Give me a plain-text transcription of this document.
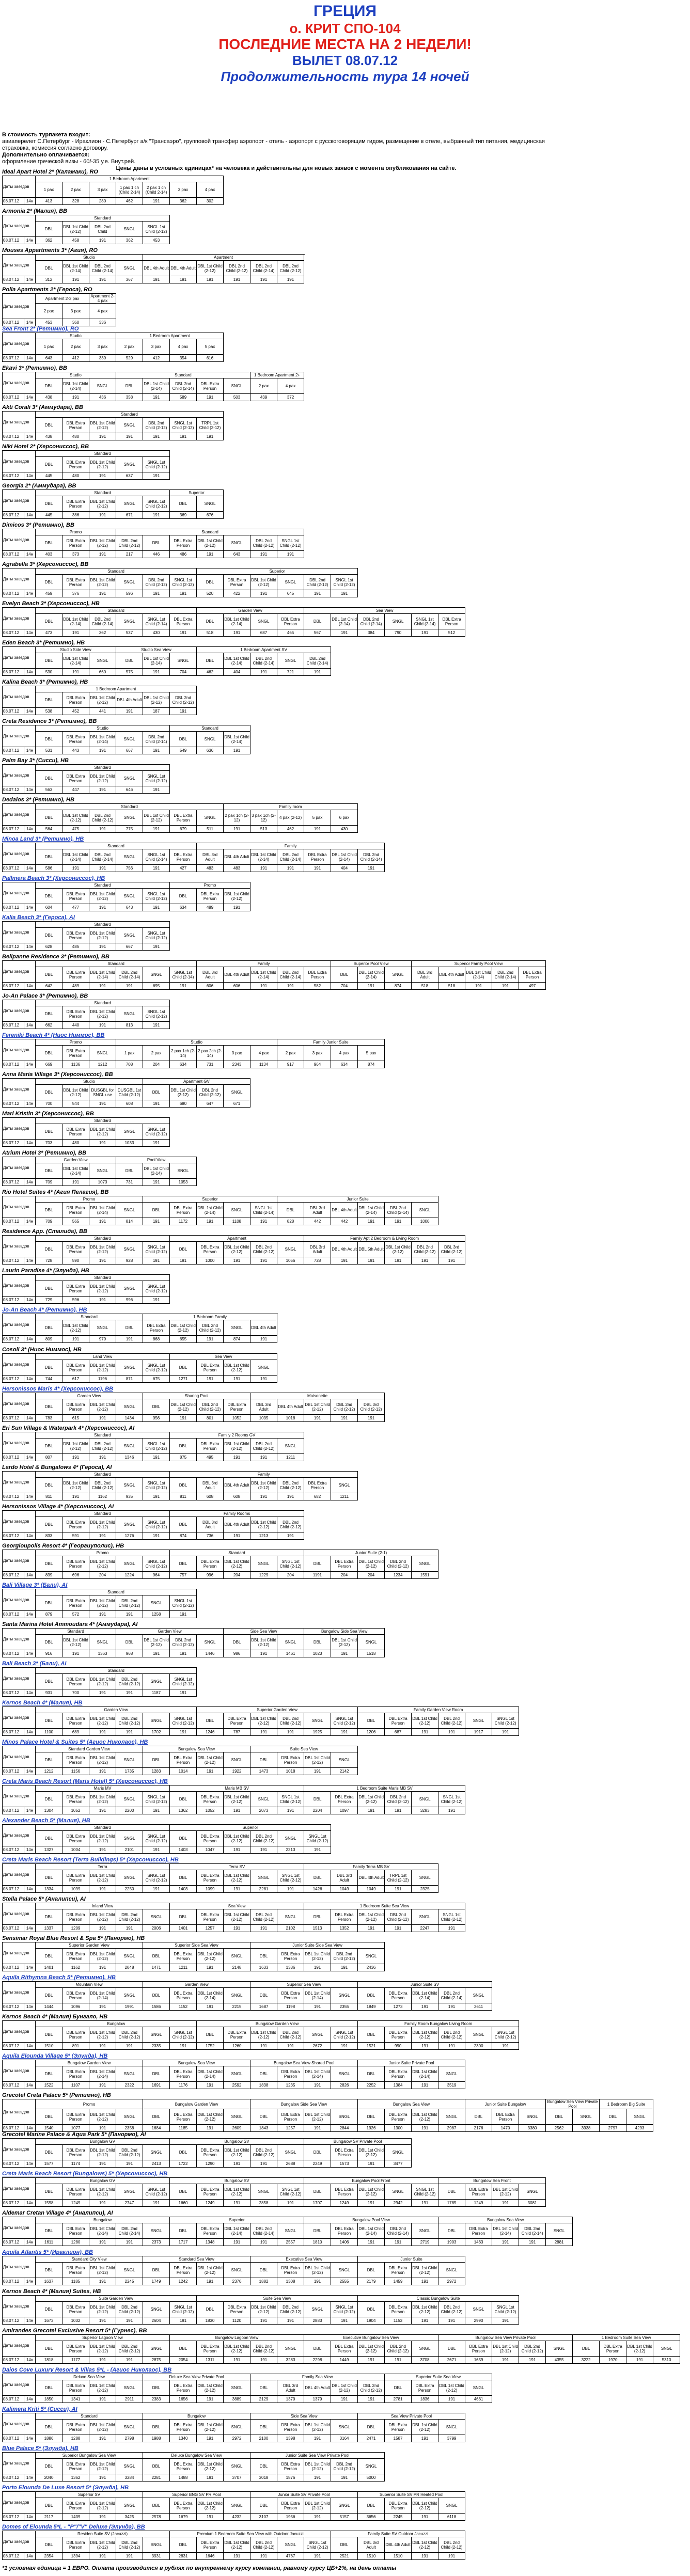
ГРЕЦИЯ
о. КРИТ СПО-104
ПОСЛЕДНИЕ МЕСТА НА 2 НЕДЕЛИ!
ВЫЛЕТ 08.07.12
Продолжительность тура 14 ночей
В стоимость турпакета входит:
авиаперелет С.Петербург - Ираклион - С.Петербург а/к "Трансаэро", групповой трансфер аэропорт - отель - аэропорт с русскоговорящим гидом, размещение в отеле, выбранный тип питания, медицинская страховка, комиссия согласно договору.
Дополнительно оплачивается:
оформление греческой визы - 60/-35 у.е. Внут.рей.
Цены даны в условных единицах* на человека и действительны для новых заявок с момента опубликования на сайте.
Ideal Apart Hotel 2* (Каламаки), RO
Даты заездов		1 Bedroom Apartment							
		1 pax	2 pax	3 pax	1 pax 1 ch (Child 2-14)	2 pax 1 ch (Child 2-14)	3 pax	4 pax	
08.07.12	14н	413	328	280	462	191	362	302	
Armonia 2* (Малия), BB
Даты заездов		Standard					
		DBL	DBL 1st Child (2-12)	DBL 2nd Child	SNGL	SNGL 1st Child (2-12)	
08.07.12	14н	362	458	191	362	453	
Mouses Appartments 3* (Агия), RO
Даты заездов		Studio				Apartment					
		DBL	DBL 1st Child (2-14)	DBL 2nd Child (2-14)	SNGL	DBL 4th Adult	DBL 4th Adult	DBL 1st Child (2-12)	DBL 2nd Child (2-12)	DBL 2nd Child (2-14)	DBL 2nd Child (2-12)
08.07.12	14н	312	191	191	367	191	191	191	191	191	191
Polla Apartments 2* (Героса), RO
Даты заездов		Apartment 2-3 pax		Apartment 2-4 pax
		2 pax	3 pax	4 pax
08.07.12	14н	453	360	336
Sea Front 2* (Ретимно), RO
Даты заездов		Studio			1 Bedroom Apartment				
		1 pax	2 pax	3 pax	2 pax	3 pax	4 pax	5 pax	
08.07.12	14н	643	412	339	529	412	354	616	
Ekavi 3* (Ретимно), BB
Даты заездов		Studio			Standard					1 Bedroom Apartment 2+	
		DBL	DBL 1st Child (2-14)	SNGL	DBL	DBL 1st Child (2-14)	DBL 2nd Child (2-14)	DBL Extra Person	SNGL	2 pax	4 pax
08.07.12	14н	438	191	436	358	191	589	191	503	439	372
Akti Corali 3* (Аммудара), BB
Даты заездов		Standard						
		DBL	DBL Extra Person	DBL 1st Child (2-12)	SNGL	DBL 2nd Child (2-12)	SNGL 1st Child (2-12)	TRPL 1st Child (2-12)
08.07.12	14н	438	480	191	191	191	191	191
Niki Hotel 2* (Херсониссос), BB
Даты заездов		Standard				
		DBL	DBL Extra Person	DBL 1st Child (2-12)	SNGL	SNGL 1st Child (2-12)
08.07.12	14н	445	480	191	637	191
Georgia 2* (Аммудара), BB
Даты заездов		Standard					Superior	
		DBL	DBL Extra Person	DBL 1st Child (2-12)	SNGL	SNGL 1st Child (2-12)	DBL	SNGL
08.07.12	14н	445	386	191	671	191	369	676
Dimicos 3* (Ретимно), BB
Даты заездов		Promo			Standard						
		DBL	DBL Extra Person	DBL 1st Child (2-12)	DBL 2nd Child (2-12)	DBL	DBL Extra Person	DBL 1st Child (2-12)	SNGL	DBL 2nd Child (2-12)	SNGL 1st Child (2-12)
08.07.12	14н	403	373	191	217	446	486	191	643	191	191
Agrabella 3* (Херсониссос), BB
Даты заездов		Standard						Superior					
		DBL	DBL Extra Person	DBL 1st Child (2-12)	SNGL	DBL 2nd Child (2-12)	SNGL 1st Child (2-12)	DBL	DBL Extra Person	DBL 1st Child (2-12)	SNGL	DBL 2nd Child (2-12)	SNGL 1st Child (2-12)
08.07.12	14н	459	376	191	596	191	191	520	422	191	645	191	191
Evelyn Beach 3* (Херсониссос), HB
Даты заездов		Standard						Garden View				Sea View					
		DBL	DBL 1st Child (2-14)	DBL 2nd Child (2-14)	SNGL	SNGL 1st Child (2-14)	DBL Extra Person	DBL	DBL 1st Child (2-14)	SNGL	DBL Extra Person	DBL	DBL 1st Child (2-14)	DBL 2nd Child (2-14)	SNGL	SNGL 1st Child (2-14)	DBL Extra Person
08.07.12	14н	473	191	362	537	430	191	518	191	687	465	567	191	384	790	191	512
Eden Beach 3* (Ретимно), HB
Даты заездов		Studio Side View			Studio Sea View			1 Bedroom Apartment SV				
		DBL	DBL 1st Child (2-14)	SNGL	DBL	DBL 1st Child (2-14)	SNGL	DBL	DBL 1st Child (2-14)	DBL 2nd Child (2-14)	SNGL	DBL 2nd Child (2-14)
08.07.12	14н	530	191	660	575	191	704	462	404	191	721	191
Kalina Beach 3* (Ретимно), HB
Даты заездов		1 Bedroom Apartment					
		DBL	DBL Extra Person	DBL 1st Child (2-12)	DBL 4th Adult	DBL 1st Child (2-12)	DBL 2nd Child (2-12)
08.07.12	14н	538	452	441	191	187	191
Creta Residence 3* (Ретимно), BB
Даты заездов		Studio					Standard		
		DBL	DBL Extra Person	DBL 1st Child (2-14)	SNGL	DBL 2nd Child (2-14)	DBL	SNGL	DBL 1st Child (2-14)
08.07.12	14н	531	443	191	667	191	549	636	191
Palm Bay 3* (Сисси), HB
Даты заездов		Standard				
		DBL	DBL Extra Person	DBL 1st Child (2-12)	SNGL	SNGL 1st Child (2-12)
08.07.12	14н	563	447	191	646	191
Dedalos 3* (Ретимно), HB
Даты заездов		Standard							Family room				
		DBL	DBL 1st Child (2-12)	DBL 2nd Child (2-12)	SNGL	DBL 1st Child (2-12)	DBL Extra Person	SNGL	2 pax 1ch (2-12)	3 pax 1ch (2-12)	4 pax (2-12)	5 pax	6 pax
08.07.12	14н	564	475	191	775	191	679	511	191	513	462	191	430
Minoa Land 3* (Ретимно), HB
Даты заездов		Standard						Family						
		DBL	DBL 1st Child (2-14)	DBL 2nd Child (2-14)	SNGL	SNGL 1st Child (2-14)	DBL Extra Person	DBL 3rd Adult	DBL 4th Adult	DBL 1st Child (2-14)	DBL 2nd Child (2-14)	DBL Extra Person	DBL 1st Child (2-14)	DBL 2nd Child (2-14)
08.07.12	14н	586	191	191	756	191	427	483	483	191	191	191	404	191
Pallmera Beach 3* (Херсониссос), HB
Даты заездов		Standard					Promo		
		DBL	DBL Extra Person	DBL 1st Child (2-12)	SNGL	SNGL 1st Child (2-12)	DBL	DBL Extra Person	DBL 1st Child (2-12)
08.07.12	14н	604	477	191	643	191	634	489	191
Kalia Beach 3* (Героса), AI
Даты заездов		Standard				
		DBL	DBL Extra Person	DBL 1st Child (2-12)	SNGL	SNGL 1st Child (2-12)
08.07.12	14н	628	485	191	667	191
Bellpanne Residence 3* (Ретимно), BB
Даты заездов		Standard						Family					Superior Pool View			Superior Family Pool View				
		DBL	DBL Extra Person	DBL 1st Child (2-14)	DBL 2nd Child (2-14)	SNGL	SNGL 1st Child (2-14)	DBL 3rd Adult	DBL 4th Adult	DBL 1st Child (2-14)	DBL 2nd Child (2-14)	DBL Extra Person	DBL	DBL 1st Child (2-14)	SNGL	DBL 3rd Adult	DBL 4th Adult	DBL 1st Child (2-14)	DBL 2nd Child (2-14)	DBL Extra Person
08.07.12	14н	642	489	191	191	695	191	606	606	191	191	582	704	191	874	518	518	191	191	497
Jo-An Palace 3* (Ретимно), BB
Даты заездов		Standard				
		DBL	DBL Extra Person	DBL 1st Child (2-12)	SNGL	SNGL 1st Child (2-12)
08.07.12	14н	662	440	191	813	191
Fereniki Beach 4* (Ниос Ниммос), BB
Даты заездов		Promo			Studio						Family Junior Suite			
		DBL	DBL Extra Person	SNGL	1 pax	2 pax	2 pax 1ch (2-14)	2 pax 2ch (2-14)	3 pax	4 pax	2 pax	3 pax	4 pax	5 pax
08.07.12	14н	669	1136	1212	708	204	634	731	2343	1134	917	964	634	874
Anna Maria Village 3* (Херсониссос), BB
Даты заездов		Studio				Apartment GV			
		DBL	DBL 1st Child (2-12)	DUSGBL for SNGL use	DUSGBL 1st Child (2-12)	DBL	DBL 1st Child (2-12)	DBL 2nd Child (2-12)	SNGL
08.07.12	14н	700	544	191	608	191	680	647	671
Mari Kristin 3* (Херсониссос), BB
Даты заездов		Standard				
		DBL	DBL Extra Person	DBL 1st Child (2-12)	SNGL	SNGL 1st Child (2-12)
08.07.12	14н	703	480	191	1033	191
Atrium Hotel 3* (Ретимно), BB
Даты заездов		Garden View			Pool View		
		DBL	DBL 1st Child (2-14)	SNGL	DBL	DBL 1st Child (2-14)	SNGL
08.07.12	14н	709	191	1073	731	191	1053
Rio Hotel Suites 4* (Агия Пелагия), BB
Даты заездов		Promo				Superior					Junior Suite					
		DBL	DBL Extra Person	DBL 1st Child (2-14)	SNGL	DBL	DBL Extra Person	DBL 1st Child (2-14)	SNGL	SNGL 1st Child (2-14)	DBL	DBL 3rd Adult	DBL 4th Adult	DBL 1st Child (2-14)	DBL 2nd Child (2-14)	SNGL
08.07.12	14н	709	565	191	814	191	1172	191	1108	191	828	442	442	191	191	1000
Residence App. (Сталида), BB
Даты заездов		Standard					Apartment					Family Apt 2 Bedroom & Living Room					
		DBL	DBL Extra Person	DBL 1st Child (2-12)	SNGL	SNGL 1st Child (2-12)	DBL	DBL Extra Person	DBL 1st Child (2-12)	DBL 2nd Child (2-12)	SNGL	DBL 3rd Adult	DBL 4th Adult	DBL 5th Adult	DBL 1st Child (2-12)	DBL 2nd Child (2-12)	DBL 3rd Child (2-12)
08.07.12	14н	728	590	191	928	191	191	1000	191	191	1056	728	191	191	191	191	191
Laurin Paradise 4* (Элунда), HB
Даты заездов		Standard				
		DBL	DBL Extra Person	DBL 1st Child (2-12)	SNGL	SNGL 1st Child (2-12)
08.07.12	14н	729	596	191	996	191
Jo-An Beach 4* (Ретимно), HB
Даты заездов		Standard				1 Bedroom Family				
		DBL	DBL 1st Child (2-12)	SNGL	DBL	DBL Extra Person	DBL 1st Child (2-12)	DBL 2nd Child (2-12)	SNGL	DBL 4th Adult
08.07.12	14н	809	191	979	191	868	655	191	874	191
Cosoli 3* (Ниос Ниммос), HB
Даты заездов		Land View					Sea View			
		DBL	DBL Extra Person	DBL 1st Child (2-12)	SNGL	SNGL 1st Child (2-12)	DBL	DBL Extra Person	DBL 1st Child (2-12)	SNGL
08.07.12	14н	744	617	1196	871	675	1271	191	191	191
Hersonissos Maris 4* (Херсониссос), BB
Даты заездов		Garden View				Sharing Pool				Maisonette				
		DBL	DBL Extra Person	DBL 1st Child (2-12)	SNGL	DBL	DBL 1st Child (2-12)	DBL 2nd Child (2-12)	DBL Extra Person	DBL 3rd Adult	DBL 4th Adult	DBL 1st Child (2-12)	DBL 2nd Child (2-12)	DBL 3rd Child (2-12)
08.07.12	14н	783	615	191	1434	956	191	801	1052	1035	1018	191	191	191
Eri Sun Village & Waterpark 4* (Херсониссос), AI
Даты заездов		Standard					Family 2 Rooms GV				
		DBL	DBL 1st Child (2-12)	DBL 2nd Child (2-12)	SNGL	SNGL 1st Child (2-12)	DBL	DBL Extra Person	DBL 1st Child (2-12)	DBL 2nd Child (2-12)	SNGL
08.07.12	14н	807	191	191	1346	191	875	495	191	191	1211
Lardo Hotel & Bungalows 4* (Героса), AI
Даты заездов		Standard					Family						
		DBL	DBL 1st Child (2-12)	DBL 2nd Child (2-12)	SNGL	SNGL 1st Child (2-12)	DBL	DBL 3rd Adult	DBL 4th Adult	DBL 1st Child (2-12)	DBL 2nd Child (2-12)	DBL Extra Person	SNGL
08.07.12	14н	811	191	1162	935	191	811	608	608	191	191	682	1211
Hersonissos Village 4* (Херсониссос), AI
Даты заездов		Standard					Family Rooms				
		DBL	DBL Extra Person	DBL 1st Child (2-12)	SNGL	SNGL 1st Child (2-12)	DBL	DBL 3rd Adult	DBL 4th Adult	DBL 1st Child (2-12)	DBL 2nd Child (2-12)
08.07.12	14н	833	591	191	1276	191	874	736	191	1213	191
Georgioupolis Resort 4* (Георгиуполис), HB
Даты заездов		Promo					Standard					Junior Suite (2-1)				
		DBL	DBL Extra Person	DBL 1st Child (2-12)	SNGL	SNGL 1st Child (2-12)	DBL	DBL Extra Person	DBL 1st Child (2-12)	SNGL	SNGL 1st Child (2-12)	DBL	DBL Extra Person	DBL 1st Child (2-12)	DBL 2nd Child (2-12)	SNGL
08.07.12	14н	839	696	204	1224	964	757	996	204	1229	204	1191	204	204	1234	1591
Bali Village 3* (Бали), AI
Даты заездов		Standard					
		DBL	DBL Extra Person	DBL 1st Child (2-12)	DBL 2nd Child (2-12)	SNGL	SNGL 1st Child (2-12)
08.07.12	14н	879	572	191	191	1258	191
Santa Marina Hotel Ammoudara 4* (Аммудара), AI
Даты заездов		Standard			Garden View				Side Sea View			Bungalow Side Sea View		
		DBL	DBL 1st Child (2-12)	SNGL	DBL	DBL 1st Child (2-12)	DBL 2nd Child (2-12)	SNGL	DBL	DBL 1st Child (2-12)	SNGL	DBL	DBL 1st Child (2-12)	SNGL
08.07.12	14н	916	191	1363	968	191	191	1446	986	191	1461	1023	191	1518
Bali Beach 3* (Бали), AI
Даты заездов		Standard					
		DBL	DBL Extra Person	DBL 1st Child (2-12)	DBL 2nd Child (2-12)	SNGL	SNGL 1st Child (2-12)
08.07.12	14н	931	700	191	191	1187	191
Kernos Beach 4* (Малия), HB
Даты заездов		Garden View						Superior Garden View						Family Garden View Room					
		DBL	DBL Extra Person	DBL 1st Child (2-12)	DBL 2nd Child (2-12)	SNGL	SNGL 1st Child (2-12)	DBL	DBL Extra Person	DBL 1st Child (2-12)	DBL 2nd Child (2-12)	SNGL	SNGL 1st Child (2-12)	DBL	DBL Extra Person	DBL 1st Child (2-12)	DBL 2nd Child (2-12)	SNGL	SNGL 1st Child (2-12)
08.07.12	14н	1100	689	191	191	1702	191	1246	787	191	191	1925	191	1206	687	191	191	1917	191
Minos Palace Hotel & Suites 5* (Агиос Николаос), HB
Даты заездов		Standard Garden View				Bungalow Sea View				Suite Sea View			
		DBL	DBL Extra Person	DBL 1st Child (2-12)	SNGL	DBL	DBL Extra Person	DBL 1st Child (2-12)	SNGL	DBL	DBL Extra Person	DBL 1st Child (2-12)	SNGL
08.07.12	14н	1212	1156	191	1735	1283	1014	191	1922	1473	1018	191	2142
Creta Maris Beach Resort (Maris Hotel) 5* (Херсониссос), HB
Даты заездов		Maris MV					Maris MB SV					1 Bedroom Suite Maris MB SV					
		DBL	DBL Extra Person	DBL 1st Child (2-12)	SNGL	SNGL 1st Child (2-12)	DBL	DBL Extra Person	DBL 1st Child (2-12)	SNGL	SNGL 1st Child (2-12)	DBL	DBL Extra Person	DBL 1st Child (2-12)	DBL 2nd Child (2-12)	SNGL	SNGL 1st Child (2-12)
08.07.12	14н	1304	1052	191	2200	191	1362	1052	191	2073	191	2204	1097	191	191	3283	191
Alexander Beach 5* (Малия), HB
Даты заездов		Standard					Superior					
		DBL	DBL Extra Person	DBL 1st Child (2-12)	SNGL	SNGL 1st Child (2-12)	DBL	DBL Extra Person	DBL 1st Child (2-12)	DBL 2nd Child (2-12)	SNGL	SNGL 1st Child (2-12)
08.07.12	14н	1327	1004	191	2101	191	1403	1047	191	191	2213	191
Creta Maris Beach Resort (Terra Buildings) 5* (Херсониссос), HB
Даты заездов		Terra					Terra SV					Family Terra MB SV				
		DBL	DBL Extra Person	DBL 1st Child (2-12)	SNGL	SNGL 1st Child (2-12)	DBL	DBL Extra Person	DBL 1st Child (2-12)	SNGL	SNGL 1st Child (2-12)	DBL	DBL 3rd Adult	DBL 4th Adult	TRPL 1st Child (2-12)	SNGL
08.07.12	14н	1334	1099	191	2250	191	1403	1099	191	2281	191	1426	1049	1049	191	2325
Stella Palace 5* (Аналипси), AI
Даты заездов		Inland View					Sea View					1 Bedroom Suite Sea View					
		DBL	DBL Extra Person	DBL 1st Child (2-12)	DBL 2nd Child (2-12)	SNGL	DBL	DBL Extra Person	DBL 1st Child (2-12)	DBL 2nd Child (2-12)	SNGL	DBL	DBL Extra Person	DBL 1st Child (2-12)	DBL 2nd Child (2-12)	SNGL	SNGL 1st Child (2-12)
08.07.12	14н	1337	1209	191	191	2006	1401	1257	191	191	2102	1513	1352	191	191	2247	191
Sensimar Royal Blue Resort & Spa 5* (Панормо), HB
Даты заездов		Superior Garden View				Superior Side Sea View				Junior Suite Side Sea View				
		DBL	DBL Extra Person	DBL 1st Child (2-12)	SNGL	DBL	DBL Extra Person	DBL 1st Child (2-12)	SNGL	DBL	DBL Extra Person	DBL 1st Child (2-12)	DBL 2nd Child (2-12)	SNGL
08.07.12	14н	1401	1162	191	2048	1471	1211	191	2148	1633	1336	191	191	2436
Aquila Rithymna Beach 5* (Ретимно), HB
Даты заездов		Mountain View				Garden View				Superior Sea View				Junior Suite SV				
		DBL	DBL Extra Person	DBL 1st Child (2-14)	SNGL	DBL	DBL Extra Person	DBL 1st Child (2-14)	SNGL	DBL	DBL Extra Person	DBL 1st Child (2-14)	SNGL	DBL	DBL Extra Person	DBL 1st Child (2-14)	DBL 2nd Child (2-14)	SNGL
08.07.12	14н	1444	1096	191	1991	1586	1152	191	2215	1687	1198	191	2355	1849	1273	191	191	2611
Kernos Beach 4* (Малия) Бунгало, HB
Даты заездов		Bungalow						Bungalow Garden View						Family Room Bungalow Living Room					
		DBL	DBL Extra Person	DBL 1st Child (2-12)	DBL 2nd Child (2-12)	SNGL	SNGL 1st Child (2-12)	DBL	DBL Extra Person	DBL 1st Child (2-12)	DBL 2nd Child (2-12)	SNGL	SNGL 1st Child (2-12)	DBL	DBL Extra Person	DBL 1st Child (2-12)	DBL 2nd Child (2-12)	SNGL	SNGL 1st Child (2-12)
08.07.12	14н	1510	891	191	191	2335	191	1752	1260	191	191	2672	191	1521	990	191	191	2300	191
Aquila Elounda Village 5* (Элунда), HB
Даты заездов		Bungalow Garden View				Bungalow Sea View				Bungalow Sea View Shared Pool				Junior Suite Private Pool			
		DBL	DBL Extra Person	DBL 1st Child (2-14)	SNGL	DBL	DBL Extra Person	DBL 1st Child (2-14)	SNGL	DBL	DBL Extra Person	DBL 1st Child (2-14)	SNGL	DBL	DBL Extra Person	DBL 1st Child (2-14)	SNGL
08.07.12	14н	1522	1107	191	2322	1691	1176	191	2592	1838	1235	191	2826	2252	1384	191	3519
Grecotel Creta Palace 5* (Ретимно), HB
Даты заездов		Promo				Bungalow Garden View				Bungalow Side Sea View				Bungalow Sea View				Junior Suite Bungalow			Bungalow Sea View Private Pool		1 Bedroom Big Suite	
		DBL	DBL Extra Person	DBL 1st Child (2-12)	SNGL	DBL	DBL Extra Person	DBL 1st Child (2-12)	SNGL	DBL	DBL Extra Person	DBL 1st Child (2-12)	SNGL	DBL	DBL Extra Person	DBL 1st Child (2-12)	SNGL	DBL	DBL Extra Person	SNGL	DBL	SNGL	DBL	SNGL
08.07.12	14н	1540	1077	191	2358	1684	1185	191	2609	1843	1257	191	2844	1926	1300	191	2987	2176	1470	3380	2562	3938	2797	4293
Grecotel Marine Palace & Aqua Park 5* (Панормо), AI
Даты заездов		Bungalow GV					Bungalow SV					Bungalow SV Private Pool			
		DBL	DBL Extra Person	DBL 1st Child (2-12)	DBL 2nd Child (2-12)	SNGL	DBL	DBL Extra Person	DBL 1st Child (2-12)	DBL 2nd Child (2-12)	SNGL	DBL	DBL Extra Person	DBL 1st Child (2-12)	SNGL
08.07.12	14н	1577	1174	191	191	2413	1722	1290	191	191	2688	2249	1573	191	3477
Creta Maris Beach Resort (Bungalows) 5* (Херсониссос), HB
Даты заездов		Bungalow GV					Bungalow SV					Bungalow Pool Front					Bungalow Sea Front			
		DBL	DBL Extra Person	DBL 1st Child (2-12)	SNGL	SNGL 1st Child (2-12)	DBL	DBL Extra Person	DBL 1st Child (2-12)	SNGL	SNGL 1st Child (2-12)	DBL	DBL Extra Person	DBL 1st Child (2-12)	SNGL	SNGL 1st Child (2-12)	DBL	DBL Extra Person	DBL 1st Child (2-12)	SNGL
08.07.12	14н	1598	1249	191	2747	191	1660	1249	191	2858	191	1707	1249	191	2942	191	1785	1249	191	3081
Aldemar Cretan Village 4* (Аналипси), AI
Даты заездов		Bungalow					Superior					Bungalow Pool View					Bungalow Sea View				
		DBL	DBL Extra Person	DBL 1st Child (2-14)	DBL 2nd Child (2-14)	SNGL	DBL	DBL Extra Person	DBL 1st Child (2-14)	DBL 2nd Child (2-14)	SNGL	DBL	DBL Extra Person	DBL 1st Child (2-14)	DBL 2nd Child (2-14)	SNGL	DBL	DBL Extra Person	DBL 1st Child (2-14)	DBL 2nd Child (2-14)	SNGL
08.07.12	14н	1611	1280	191	191	2373	1717	1348	191	191	2557	1810	1406	191	191	2719	1903	1463	191	191	2881
Aquila Atlantis 5* (Ираклион), BB
Даты заездов		Standard City View				Standard Sea View				Executive Sea View				Junior Suite			
		DBL	DBL Extra Person	DBL 1st Child (2-12)	SNGL	DBL	DBL Extra Person	DBL 1st Child (2-12)	SNGL	DBL	DBL Extra Person	DBL 1st Child (2-12)	SNGL	DBL	DBL Extra Person	DBL 1st Child (2-12)	SNGL
08.07.12	14н	1637	1185	191	2245	1749	1242	191	2370	1882	1308	191	2555	2179	1459	191	2972
Kernos Beach 4* (Малия) Suites, HB
Даты заездов		Suite Garden View						Suite Sea View						Classic Bungalow Suite					
		DBL	DBL Extra Person	DBL 1st Child (2-12)	DBL 2nd Child (2-12)	SNGL	SNGL 1st Child (2-12)	DBL	DBL Extra Person	DBL 1st Child (2-12)	DBL 2nd Child (2-12)	SNGL	SNGL 1st Child (2-12)	DBL	DBL Extra Person	DBL 1st Child (2-12)	DBL 2nd Child (2-12)	SNGL	SNGL 1st Child (2-12)
08.07.12	14н	1673	1032	191	191	2604	191	1830	1120	191	191	2883	191	1904	1153	191	191	2990	191
Amirandes Grecotel Exclusive Resort 5* (Гурнес), BB
Даты заездов		Superior Lagoon View					Bungalow Lagoon View					Executive Bungalow Sea View					Bungalow Sea View Private Pool					1 Bedroom Suite Sea View			
		DBL	DBL Extra Person	DBL 1st Child (2-12)	DBL 2nd Child (2-12)	SNGL	DBL	DBL Extra Person	DBL 1st Child (2-12)	DBL 2nd Child (2-12)	SNGL	DBL	DBL Extra Person	DBL 1st Child (2-12)	DBL 2nd Child (2-12)	SNGL	DBL	DBL Extra Person	DBL 1st Child (2-12)	DBL 2nd Child (2-12)	SNGL	DBL	DBL Extra Person	DBL 1st Child (2-12)	SNGL
08.07.12	14н	1818	1177	191	191	2875	2054	1311	191	191	3283	2298	1449	191	191	3708	2671	1659	191	191	4355	3222	1970	191	5310
Daios Cove Luxury Resort & Villas 5*L - (Агиос Николаос), BB
Даты заездов		Deluxe Sea View				Deluxe Sea View Private Pool				Family Sea View					Superior Suite Sea View			
		DBL	DBL Extra Person	DBL 1st Child (2-12)	SNGL	DBL	DBL Extra Person	DBL 1st Child (2-12)	SNGL	DBL	DBL 3rd Adult	DBL 4th Adult	DBL 1st Child (2-12)	DBL 2nd Child (2-12)	DBL	DBL Extra Person	DBL 1st Child (2-12)	SNGL
08.07.12	14н	1850	1341	191	2911	2383	1656	191	3889	2129	1379	1379	191	191	2781	1836	191	4661
Kalimera Kriti 5* (Сисси), AI
Даты заездов		Standard				Bungalow				Side Sea View				Sea View Private Pool			
		DBL	DBL Extra Person	DBL 1st Child (2-12)	SNGL	DBL	DBL Extra Person	DBL 1st Child (2-12)	SNGL	DBL	DBL Extra Person	DBL 1st Child (2-12)	SNGL	DBL	DBL Extra Person	DBL 1st Child (2-12)	SNGL
08.07.12	14н	1886	1288	191	2798	1988	1340	191	2972	2100	1398	191	3164	2471	1587	191	3799
Blue Palace 5* (Элунда), HB
Даты заездов		Superior Bungalow Sea View				Deluxe Bungalow Sea View				Junior Suite Sea View Private Pool				
		DBL	DBL Extra Person	DBL 1st Child (2-12)	SNGL	DBL	DBL Extra Person	DBL 1st Child (2-12)	SNGL	DBL	DBL Extra Person	DBL 1st Child (2-12)	DBL 2nd Child (2-12)	SNGL
08.07.12	14н	2040	1362	191	3284	2281	1488	191	3707	3018	1876	191	191	5000
Porto Elounda De Luxe Resort 5* (Элунда), HB
Даты заездов		Superior SV				Superior BNG SV PR Pool				Junior Suite SV Private Pool				Superior Suite SV PR Heated Pool			
		DBL	DBL Extra Person	DBL 1st Child (2-12)	SNGL	DBL	DBL Extra Person	DBL 1st Child (2-12)	SNGL	DBL	DBL Extra Person	DBL 1st Child (2-12)	SNGL	DBL	DBL Extra Person	DBL 1st Child (2-12)	SNGL
08.07.12	14н	2117	1439	191	3425	2578	1679	191	4232	3107	1956	191	5157	3656	2245	191	6118
Domes of Elounda 5*L - "P"/"V" Deluxe (Элунда), BB
Даты заездов		Residen Suite SV (Jacuzzi)					Premium 1 Bedroom Suite Sea View with Outdoor Jacuzzi						Family Suite SV Outdoor Jacuzzi				
		DBL	DBL Extra Person	DBL 1st Child (2-12)	DBL 2nd Child (2-12)	SNGL	DBL	DBL Extra Person	DBL 1st Child (2-12)	DBL 2nd Child (2-12)	SNGL	SNGL 1st Child (2-12)	DBL	DBL 3rd Adult	DBL 4th Adult	DBL 1st Child (2-12)	DBL 2nd Child (2-12)
08.07.12	14н	2354	1394	191	191	3931	2831	1646	191	191	4767	191	2521	1510	1510	191	191
*1 условная единица = 1 ЕВРО. Оплата производится в рублях по внутреннему курсу компании, равному курсу ЦБ+2%, на день оплаты
